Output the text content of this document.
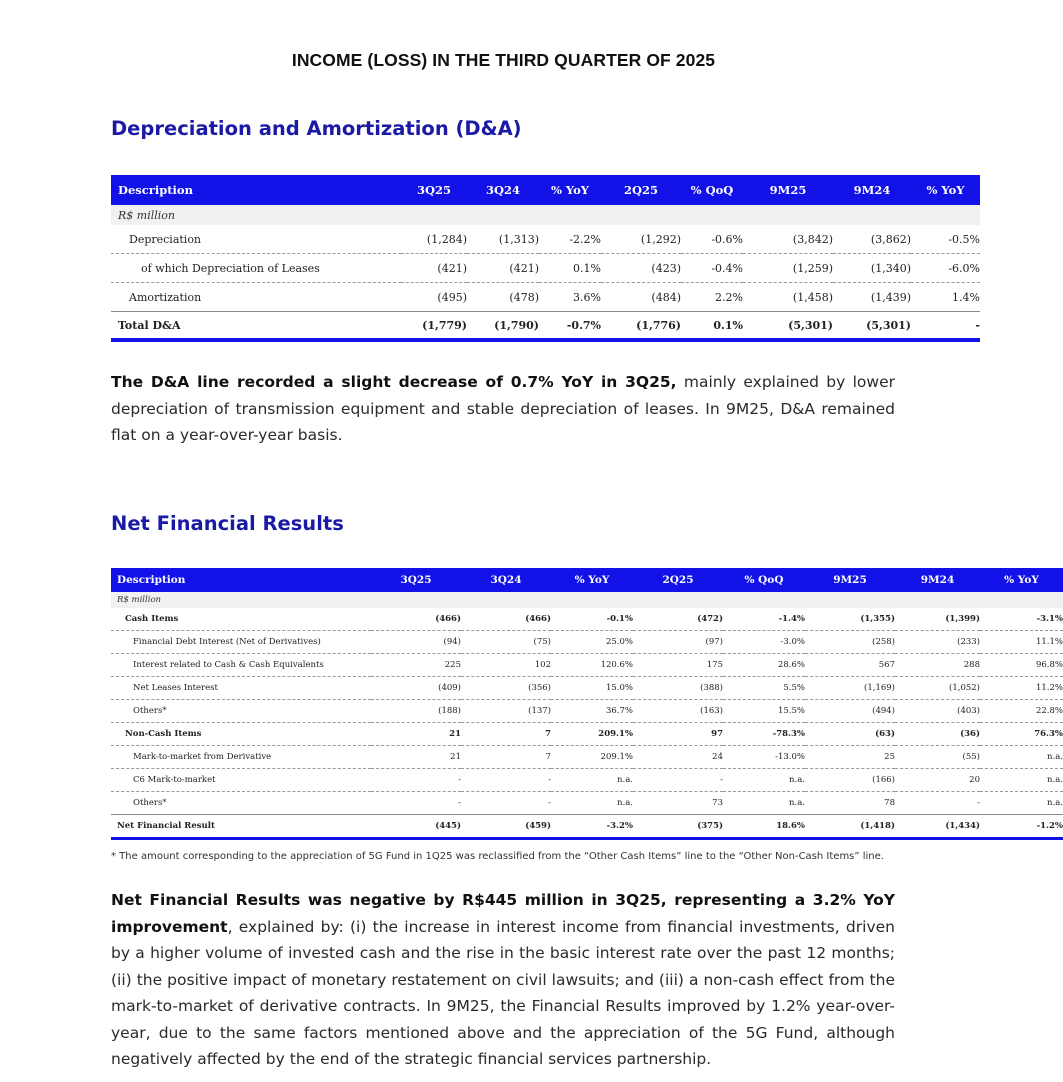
INCOME (LOSS) IN THE THIRD QUARTER OF 2025
Depreciation and Amortization (D&A)
Description	3Q25	3Q24	% YoY	2Q25	% QoQ	9M25	9M24	% YoY
R$ million								
Depreciation	(1,284)	(1,313)	-2.2%	(1,292)	-0.6%	(3,842)	(3,862)	-0.5%
of which Depreciation of Leases	(421)	(421)	0.1%	(423)	-0.4%	(1,259)	(1,340)	-6.0%
Amortization	(495)	(478)	3.6%	(484)	2.2%	(1,458)	(1,439)	1.4%
Total D&A	(1,779)	(1,790)	-0.7%	(1,776)	0.1%	(5,301)	(5,301)	-
The D&A line recorded a slight decrease of 0.7% YoY in 3Q25, mainly explained by lower depreciation of transmission equipment and stable depreciation of leases. In 9M25, D&A remained flat on a year-over-year basis.
Net Financial Results
Description	3Q25	3Q24	% YoY	2Q25	% QoQ	9M25	9M24	% YoY
R$ million								
Cash Items	(466)	(466)	-0.1%	(472)	-1.4%	(1,355)	(1,399)	-3.1%
Financial Debt Interest (Net of Derivatives)	(94)	(75)	25.0%	(97)	-3.0%	(258)	(233)	11.1%
Interest related to Cash & Cash Equivalents	225	102	120.6%	175	28.6%	567	288	96.8%
Net Leases Interest	(409)	(356)	15.0%	(388)	5.5%	(1,169)	(1,052)	11.2%
Others*	(188)	(137)	36.7%	(163)	15.5%	(494)	(403)	22.8%
Non-Cash Items	21	7	209.1%	97	-78.3%	(63)	(36)	76.3%
Mark-to-market from Derivative	21	7	209.1%	24	-13.0%	25	(55)	n.a.
C6 Mark-to-market	-	-	n.a.	-	n.a.	(166)	20	n.a.
Others*	-	-	n.a.	73	n.a.	78	-	n.a.
Net Financial Result	(445)	(459)	-3.2%	(375)	18.6%	(1,418)	(1,434)	-1.2%
* The amount corresponding to the appreciation of 5G Fund in 1Q25 was reclassified from the “Other Cash Items” line to the “Other Non-Cash Items” line.
Net Financial Results was negative by R$445 million in 3Q25, representing a 3.2% YoY improvement, explained by: (i) the increase in interest income from financial investments, driven by a higher volume of invested cash and the rise in the basic interest rate over the past 12 months; (ii) the positive impact of monetary restatement on civil lawsuits; and (iii) a non-cash effect from the mark-to-market of derivative contracts. In 9M25, the Financial Results improved by 1.2% year-over-year, due to the same factors mentioned above and the appreciation of the 5G Fund, although negatively affected by the end of the strategic financial services partnership.
